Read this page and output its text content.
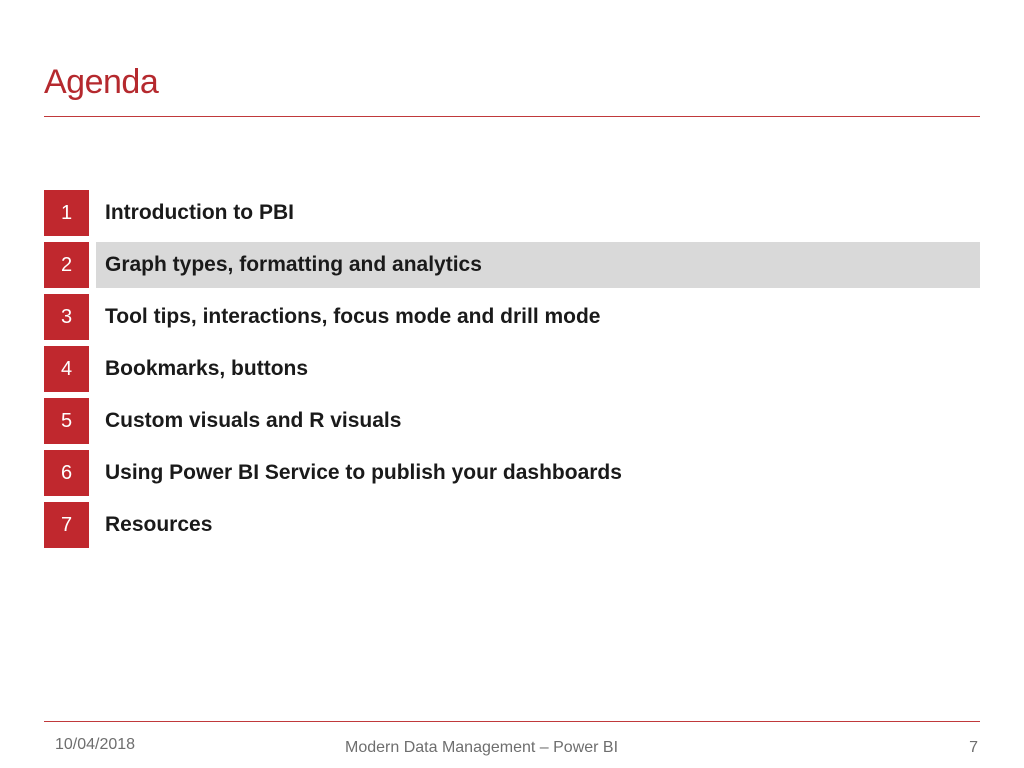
Agenda
1	Introduction to PBI
2	Graph types, formatting and analytics
3	Tool tips, interactions, focus mode and drill mode
4	Bookmarks, buttons
5	Custom visuals and R visuals
6	Using Power BI Service to publish your dashboards
7	Resources
10/04/2018	Modern Data Management – Power BI	7
